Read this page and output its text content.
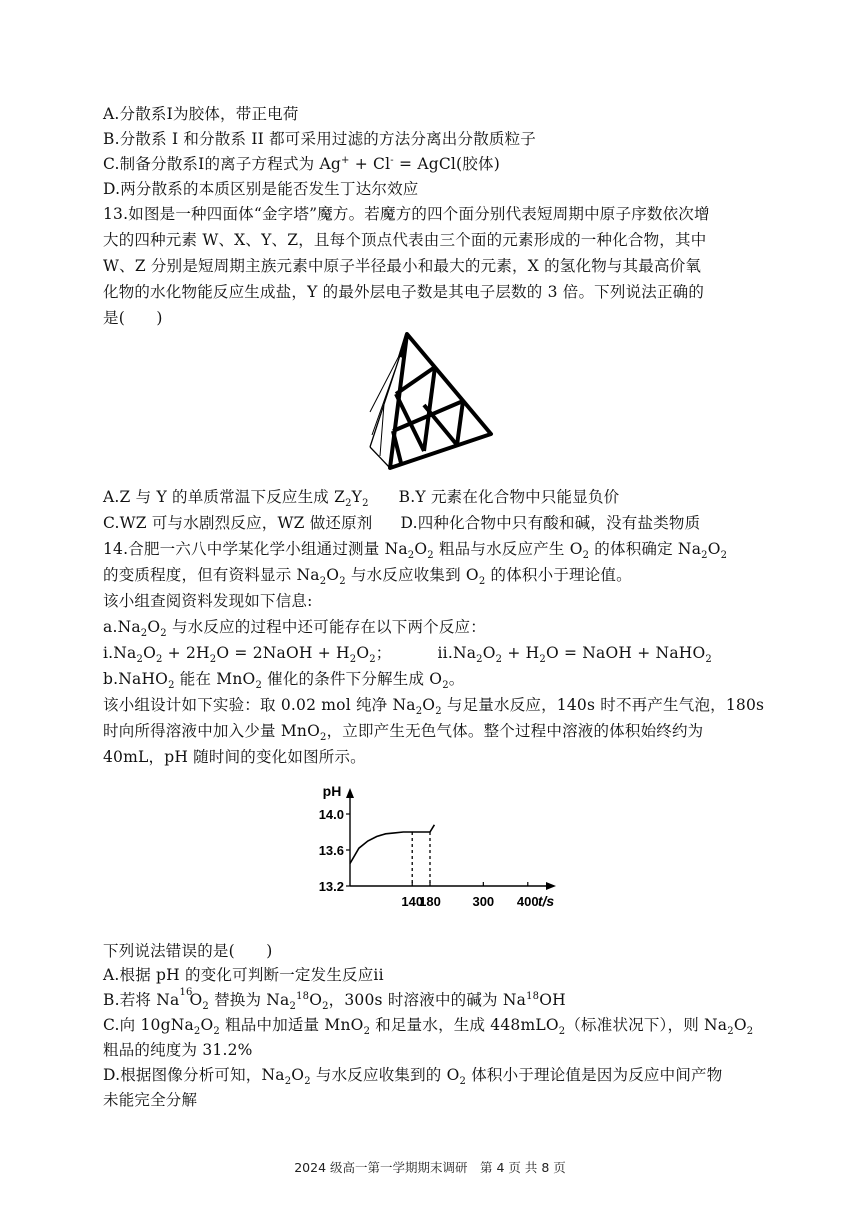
A.分散系I为胶体，带正电荷
B.分散系 I 和分散系 II 都可采用过滤的方法分离出分散质粒子
C.制备分散系I的离子方程式为 Ag+ + Cl- = AgCl(胶体)
D.两分散系的本质区别是能否发生丁达尔效应
13.如图是一种四面体“金字塔”魔方。若魔方的四个面分别代表短周期中原子序数依次增
大的四种元素 W、X、Y、Z，且每个顶点代表由三个面的元素形成的一种化合物，其中
W、Z 分别是短周期主族元素中原子半径最小和最大的元素，X 的氢化物与其最高价氧
化物的水化物能反应生成盐，Y 的最外层电子数是其电子层数的 3 倍。下列说法正确的
是(　　)
A.Z 与 Y 的单质常温下反应生成 $Z_2Y_2$ B.Y 元素在化合物中只能显负价
C.WZ 可与水剧烈反应，WZ 做还原剂 D.四种化合物中只有酸和碱，没有盐类物质
14.合肥一六八中学某化学小组通过测量 $Na_2O_2$ 粗品与水反应产生 $O_2$ 的体积确定 $Na_2O_2$
的变质程度，但有资料显示 $Na_2O_2$ 与水反应收集到 $O_2$ 的体积小于理论值。
该小组查阅资料发现如下信息:
$a.Na_2O_2$ 与水反应的过程中还可能存在以下两个反应：
$i.Na_2O_2 + 2H_2O$ = 2NaOH + $H_2O_2$；	$ii.Na_2O_2 + H_2O$ = NaOH + NaHO$_2$
b.NaHO$_2$ 能在 MnO$_2$ 催化的条件下分解生成 $O_2$。
该小组设计如下实验：取 0.02 mol 纯净 $Na_2O_2$ 与足量水反应，140s 时不再产生气泡，180s
时向所得溶液中加入少量 MnO$_2$，立即产生无色气体。整个过程中溶液的体积始终约为
40mL，pH 随时间的变化如图所示。
pH
t/s
14.0
13.6
13.2
140
180 300 400
下列说法错误的是(　　)
A.根据 pH 的变化可判断一定发生反应ii
B.若将 Na 16
$O_2$ 替换为 $Na_2^{18}O_2$，300s 时溶液中的碱为 Na$^{18}$OH
C.向 $10gNa_2O_2$ 粗品中加适量 MnO$_2$ 和足量水，生成 448mLO$_2$（标准状况下），则 $Na_2O_2$
粗品的纯度为 31.2%
D.根据图像分析可知，$Na_2O_2$ 与水反应收集到的 $O_2$ 体积小于理论值是因为反应中间产物
未能完全分解
2024 级高一第一学期期末调研　第 4 页 共 8 页
